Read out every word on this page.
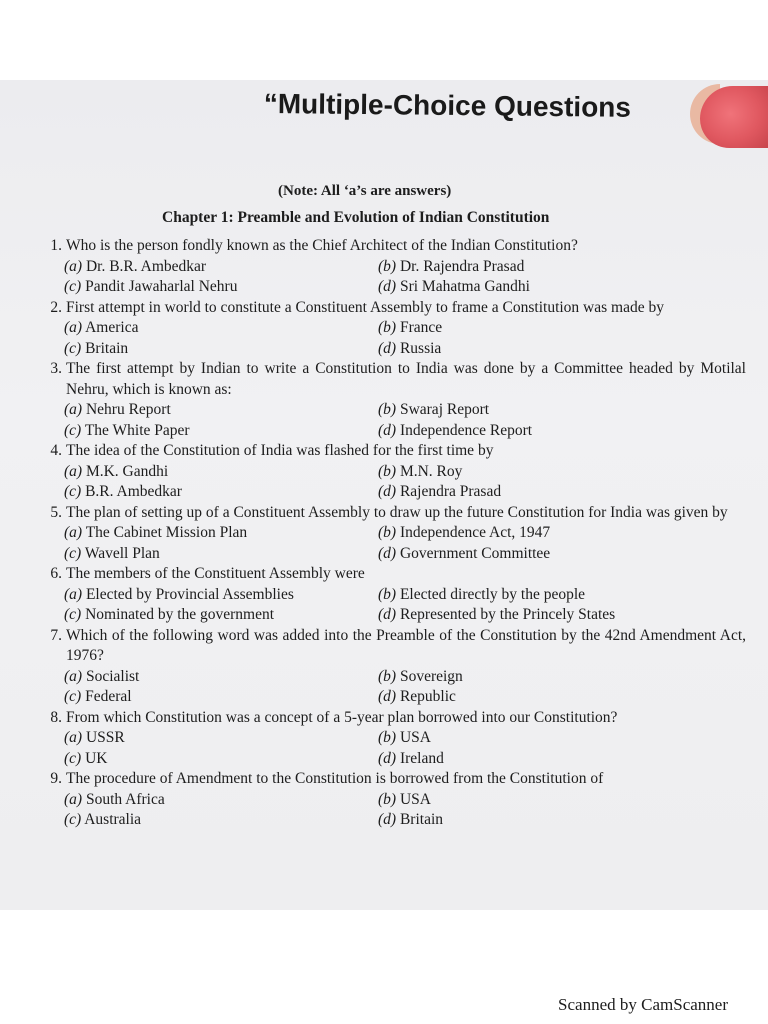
“Multiple-Choice Questions
(Note: All ‘a’s are answers)
Chapter 1: Preamble and Evolution of Indian Constitution
1. Who is the person fondly known as the Chief Architect of the Indian Constitution?
(a) Dr. B.R. Ambedkar	(b) Dr. Rajendra Prasad
(c) Pandit Jawaharlal Nehru	(d) Sri Mahatma Gandhi
2. First attempt in world to constitute a Constituent Assembly to frame a Constitution was made by
(a) America	(b) France
(c) Britain	(d) Russia
3. The first attempt by Indian to write a Constitution to India was done by a Committee headed by Motilal Nehru, which is known as:
(a) Nehru Report	(b) Swaraj Report
(c) The White Paper	(d) Independence Report
4. The idea of the Constitution of India was flashed for the first time by
(a) M.K. Gandhi	(b) M.N. Roy
(c) B.R. Ambedkar	(d) Rajendra Prasad
5. The plan of setting up of a Constituent Assembly to draw up the future Constitution for India was given by
(a) The Cabinet Mission Plan	(b) Independence Act, 1947
(c) Wavell Plan	(d) Government Committee
6. The members of the Constituent Assembly were
(a) Elected by Provincial Assemblies	(b) Elected directly by the people
(c) Nominated by the government	(d) Represented by the Princely States
7. Which of the following word was added into the Preamble of the Constitution by the 42nd Amendment Act, 1976?
(a) Socialist	(b) Sovereign
(c) Federal	(d) Republic
8. From which Constitution was a concept of a 5-year plan borrowed into our Constitution?
(a) USSR	(b) USA
(c) UK	(d) Ireland
9. The procedure of Amendment to the Constitution is borrowed from the Constitution of
(a) South Africa	(b) USA
(c) Australia	(d) Britain
Scanned by CamScanner
